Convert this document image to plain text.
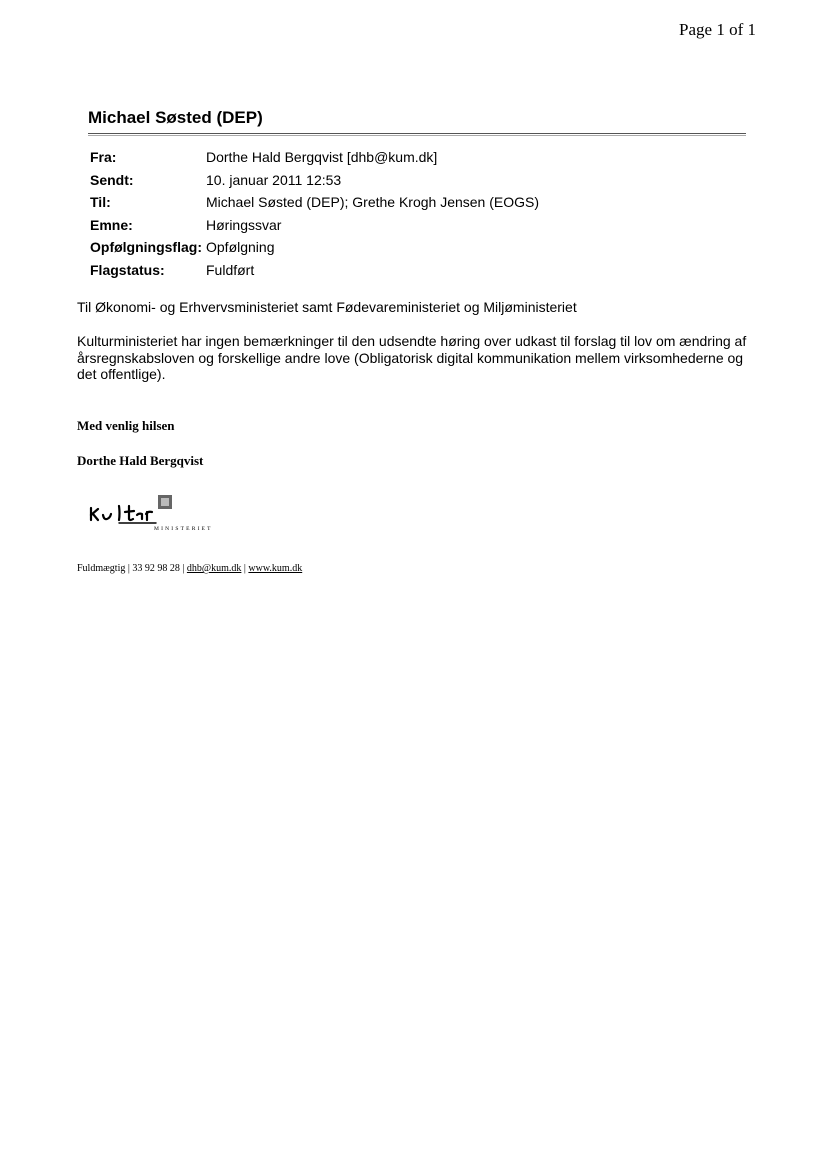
Page 1 of 1
Michael Søsted (DEP)
Fra:	Dorthe Hald Bergqvist [dhb@kum.dk]
Sendt:	10. januar 2011 12:53
Til:	Michael Søsted (DEP); Grethe Krogh Jensen (EOGS)
Emne:	Høringssvar
Opfølgningsflag:	Opfølgning
Flagstatus:	Fuldført
Til Økonomi- og Erhvervsministeriet samt Fødevareministeriet og Miljøministeriet
Kulturministeriet har ingen bemærkninger til den udsendte høring over udkast til forslag til lov om ændring af årsregnskabsloven og forskellige andre love (Obligatorisk digital kommunikation mellem virksomhederne og det offentlige).
Med venlig hilsen
Dorthe Hald Bergqvist
MINISTERIET
Fuldmægtig | 33 92 98 28 | dhb@kum.dk | www.kum.dk
